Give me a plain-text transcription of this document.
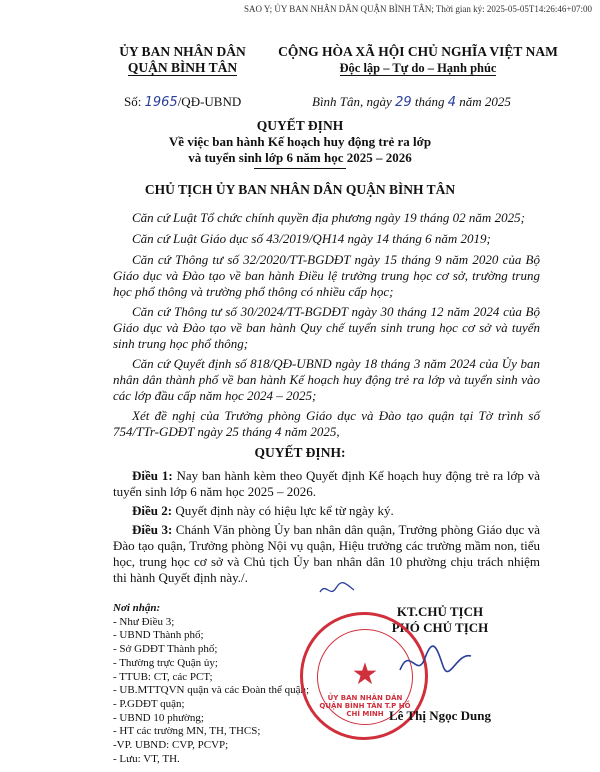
SAO Y; ỦY BAN NHÂN DÂN QUẬN BÌNH TÂN; Thời gian ký: 2025-05-05T14:26:46+07:00
ỦY BAN NHÂN DÂN
QUẬN BÌNH TÂN
CỘNG HÒA XÃ HỘI CHỦ NGHĨA VIỆT NAM
Độc lập – Tự do – Hạnh phúc
Số: 1965/QĐ-UBND	Bình Tân, ngày 29 tháng 4 năm 2025
QUYẾT ĐỊNH
Về việc ban hành Kế hoạch huy động trẻ ra lớp
và tuyển sinh lớp 6 năm học 2025 – 2026
CHỦ TỊCH ỦY BAN NHÂN DÂN QUẬN BÌNH TÂN
Căn cứ Luật Tổ chức chính quyền địa phương ngày 19 tháng 02 năm 2025;
Căn cứ Luật Giáo dục số 43/2019/QH14 ngày 14 tháng 6 năm 2019;
Căn cứ Thông tư số 32/2020/TT-BGDĐT ngày 15 tháng 9 năm 2020 của Bộ Giáo dục và Đào tạo về ban hành Điều lệ trường trung học cơ sở, trường trung học phổ thông và trường phổ thông có nhiều cấp học;
Căn cứ Thông tư số 30/2024/TT-BGDĐT ngày 30 tháng 12 năm 2024 của Bộ Giáo dục và Đào tạo về ban hành Quy chế tuyển sinh trung học cơ sở và tuyển sinh trung học phổ thông;
Căn cứ Quyết định số 818/QĐ-UBND ngày 18 tháng 3 năm 2024 của Ủy ban nhân dân thành phố về ban hành Kế hoạch huy động trẻ ra lớp và tuyển sinh vào các lớp đầu cấp năm học 2024 – 2025;
Xét đề nghị của Trưởng phòng Giáo dục và Đào tạo quận tại Tờ trình số 754/TTr-GDĐT ngày 25 tháng 4 năm 2025,
QUYẾT ĐỊNH:
Điều 1: Nay ban hành kèm theo Quyết định Kế hoạch huy động trẻ ra lớp và tuyển sinh lớp 6 năm học 2025 – 2026.
Điều 2: Quyết định này có hiệu lực kể từ ngày ký.
Điều 3: Chánh Văn phòng Ủy ban nhân dân quận, Trưởng phòng Giáo dục và Đào tạo quận, Trưởng phòng Nội vụ quận, Hiệu trưởng các trường mầm non, tiểu học, trung học cơ sở và Chủ tịch Ủy ban nhân dân 10 phường chịu trách nhiệm thi hành Quyết định này./.
Nơi nhận:
- Như Điều 3;
- UBND Thành phố;
- Sở GDĐT Thành phố;
- Thường trực Quận ủy;
- TTUB: CT, các PCT;
- UB.MTTQVN quận và các Đoàn thể quận;
- P.GDĐT quận;
- UBND 10 phường;
- HT các trường MN, TH, THCS;
-VP. UBND: CVP, PCVP;
- Lưu: VT, TH.
KT.CHỦ TỊCH
PHÓ CHỦ TỊCH
★
ỦY BAN NHÂN DÂN QUẬN BÌNH TÂN T.P HỒ CHÍ MINH Lê Thị Ngọc Dung
